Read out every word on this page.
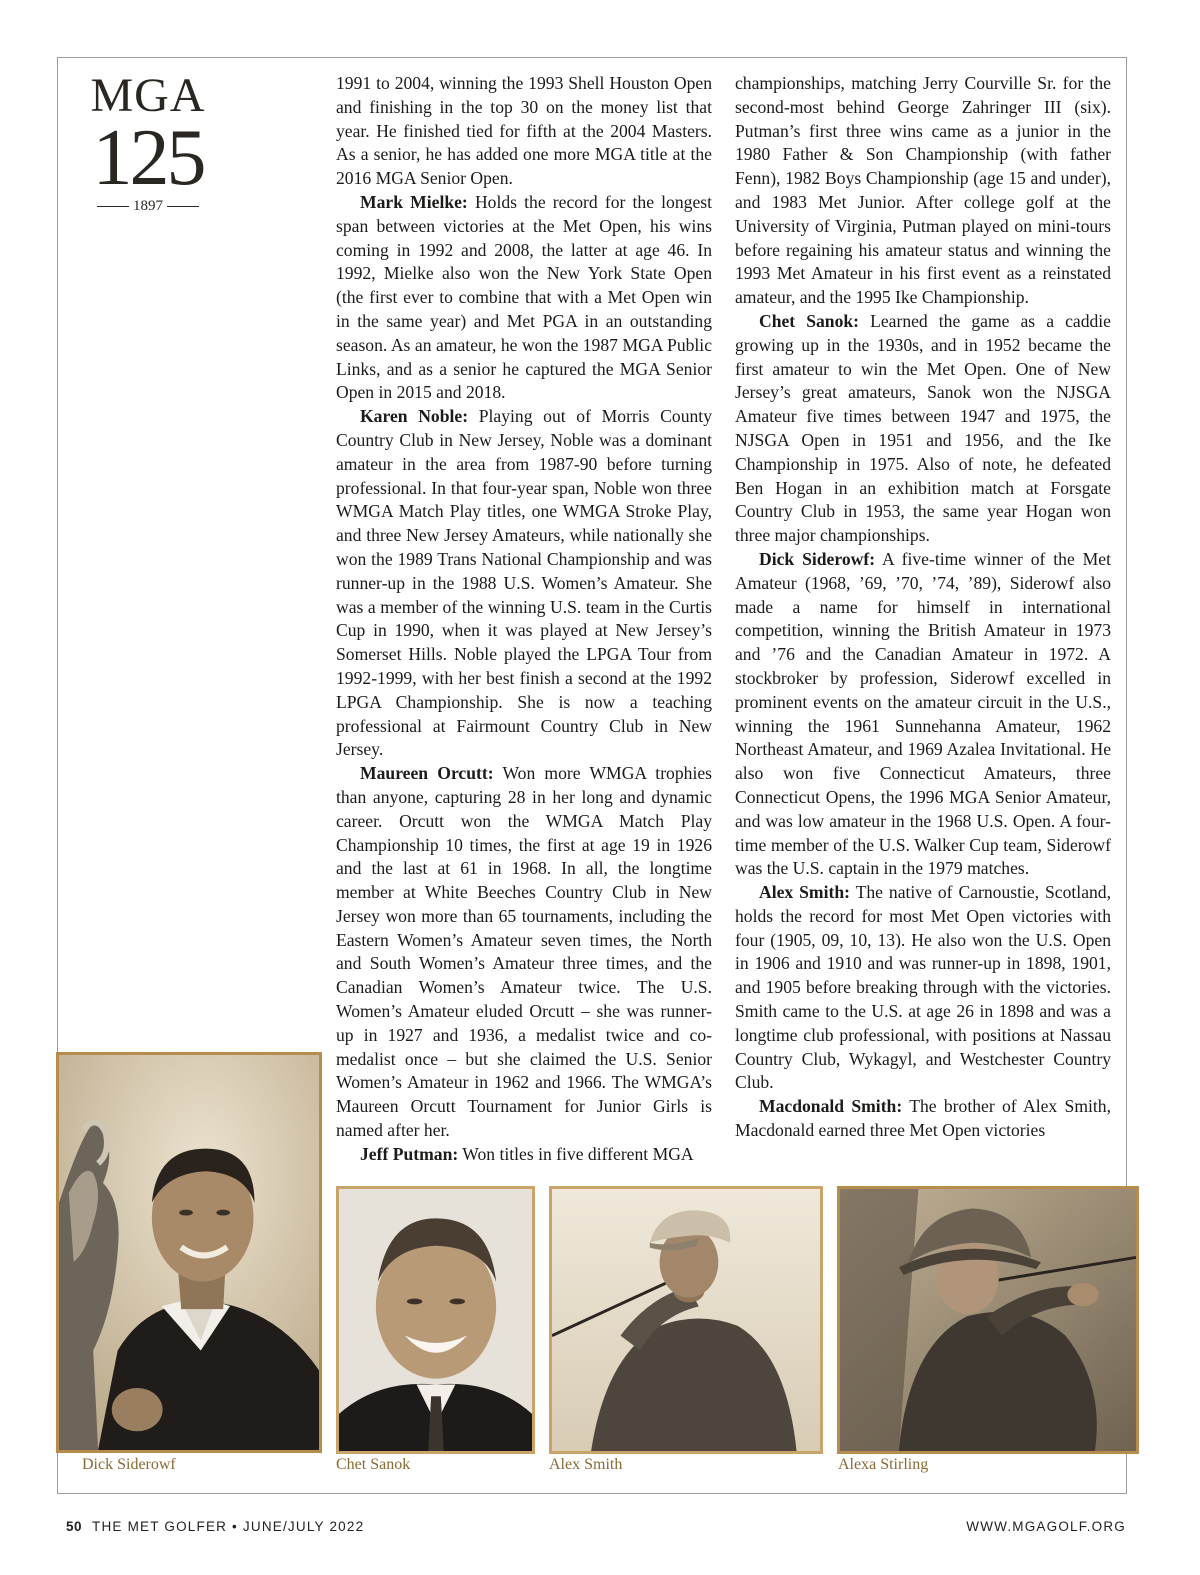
MGA
125
1897

1991 to 2004, winning the 1993 Shell Houston Open and finishing in the top 30 on the money list that year. He finished tied for fifth at the 2004 Masters. As a senior, he has added one more MGA title at the 2016 MGA Senior Open.

Mark Mielke: Holds the record for the longest span between victories at the Met Open, his wins coming in 1992 and 2008, the latter at age 46. In 1992, Mielke also won the New York State Open (the first ever to combine that with a Met Open win in the same year) and Met PGA in an outstanding season. As an amateur, he won the 1987 MGA Public Links, and as a senior he captured the MGA Senior Open in 2015 and 2018.

Karen Noble: Playing out of Morris County Country Club in New Jersey, Noble was a dominant amateur in the area from 1987-90 before turning professional. In that four-year span, Noble won three WMGA Match Play titles, one WMGA Stroke Play, and three New Jersey Amateurs, while nationally she won the 1989 Trans National Championship and was runner-up in the 1988 U.S. Women’s Amateur. She was a member of the winning U.S. team in the Curtis Cup in 1990, when it was played at New Jersey’s Somerset Hills. Noble played the LPGA Tour from 1992-1999, with her best finish a second at the 1992 LPGA Championship. She is now a teaching professional at Fairmount Country Club in New Jersey.

Maureen Orcutt: Won more WMGA trophies than anyone, capturing 28 in her long and dynamic career. Orcutt won the WMGA Match Play Championship 10 times, the first at age 19 in 1926 and the last at 61 in 1968. In all, the longtime member at White Beeches Country Club in New Jersey won more than 65 tournaments, including the Eastern Women’s Amateur seven times, the North and South Women’s Amateur three times, and the Canadian Women’s Amateur twice. The U.S. Women’s Amateur eluded Orcutt – she was runner-up in 1927 and 1936, a medalist twice and co-medalist once – but she claimed the U.S. Senior Women’s Amateur in 1962 and 1966. The WMGA’s Maureen Orcutt Tournament for Junior Girls is named after her.

Jeff Putman: Won titles in five different MGA

championships, matching Jerry Courville Sr. for the second-most behind George Zahringer III (six). Putman’s first three wins came as a junior in the 1980 Father & Son Championship (with father Fenn), 1982 Boys Championship (age 15 and under), and 1983 Met Junior. After college golf at the University of Virginia, Putman played on mini-tours before regaining his amateur status and winning the 1993 Met Amateur in his first event as a reinstated amateur, and the 1995 Ike Championship.

Chet Sanok: Learned the game as a caddie growing up in the 1930s, and in 1952 became the first amateur to win the Met Open. One of New Jersey’s great amateurs, Sanok won the NJSGA Amateur five times between 1947 and 1975, the NJSGA Open in 1951 and 1956, and the Ike Championship in 1975. Also of note, he defeated Ben Hogan in an exhibition match at Forsgate Country Club in 1953, the same year Hogan won three major championships.

Dick Siderowf: A five-time winner of the Met Amateur (1968, ’69, ’70, ’74, ’89), Siderowf also made a name for himself in international competition, winning the British Amateur in 1973 and ’76 and the Canadian Amateur in 1972. A stockbroker by profession, Siderowf excelled in prominent events on the amateur circuit in the U.S., winning the 1961 Sunnehanna Amateur, 1962 Northeast Amateur, and 1969 Azalea Invitational. He also won five Connecticut Amateurs, three Connecticut Opens, the 1996 MGA Senior Amateur, and was low amateur in the 1968 U.S. Open. A four-time member of the U.S. Walker Cup team, Siderowf was the U.S. captain in the 1979 matches.

Alex Smith: The native of Carnoustie, Scotland, holds the record for most Met Open victories with four (1905, 09, 10, 13). He also won the U.S. Open in 1906 and 1910 and was runner-up in 1898, 1901, and 1905 before breaking through with the victories. Smith came to the U.S. at age 26 in 1898 and was a longtime club professional, with positions at Nassau Country Club, Wykagyl, and Westchester Country Club.

Macdonald Smith: The brother of Alex Smith, Macdonald earned three Met Open victories

Dick Siderowf	Chet Sanok	Alex Smith	Alexa Stirling
50 THE MET GOLFER • JUNE/JULY 2022	WWW.MGAGOLF.ORG
